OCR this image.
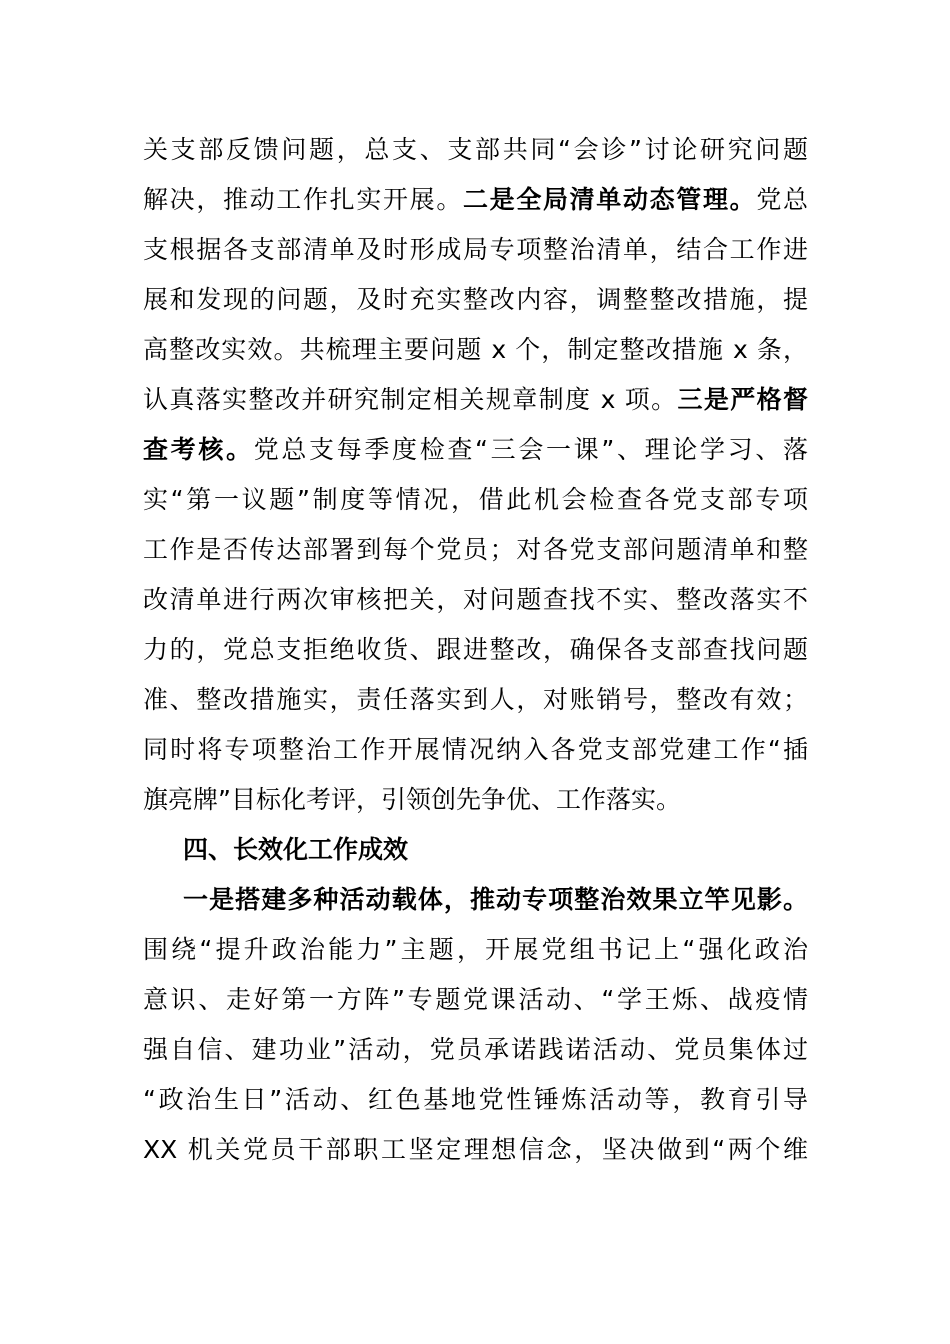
关支部反馈问题，总支、支部共同“会诊”讨论研究问题
解决，推动工作扎实开展。二是全局清单动态管理。党总
支根据各支部清单及时形成局专项整治清单，结合工作进
展和发现的问题，及时充实整改内容，调整整改措施，提
高整改实效。共梳理主要问题 x 个，制定整改措施 x 条，
认真落实整改并研究制定相关规章制度 x 项。三是严格督
查考核。党总支每季度检查“三会一课”、理论学习、落
实“第一议题”制度等情况，借此机会检查各党支部专项
工作是否传达部署到每个党员；对各党支部问题清单和整
改清单进行两次审核把关，对问题查找不实、整改落实不
力的，党总支拒绝收货、跟进整改，确保各支部查找问题
准、整改措施实，责任落实到人，对账销号，整改有效；
同时将专项整治工作开展情况纳入各党支部党建工作“插
旗亮牌”目标化考评，引领创先争优、工作落实。
四、长效化工作成效
一是搭建多种活动载体，推动专项整治效果立竿见影。
围绕“提升政治能力”主题，开展党组书记上“强化政治
意识、走好第一方阵”专题党课活动、“学王烁、战疫情
强自信、建功业”活动，党员承诺践诺活动、党员集体过
“政治生日”活动、红色基地党性锤炼活动等，教育引导
XX 机关党员干部职工坚定理想信念，坚决做到“两个维
